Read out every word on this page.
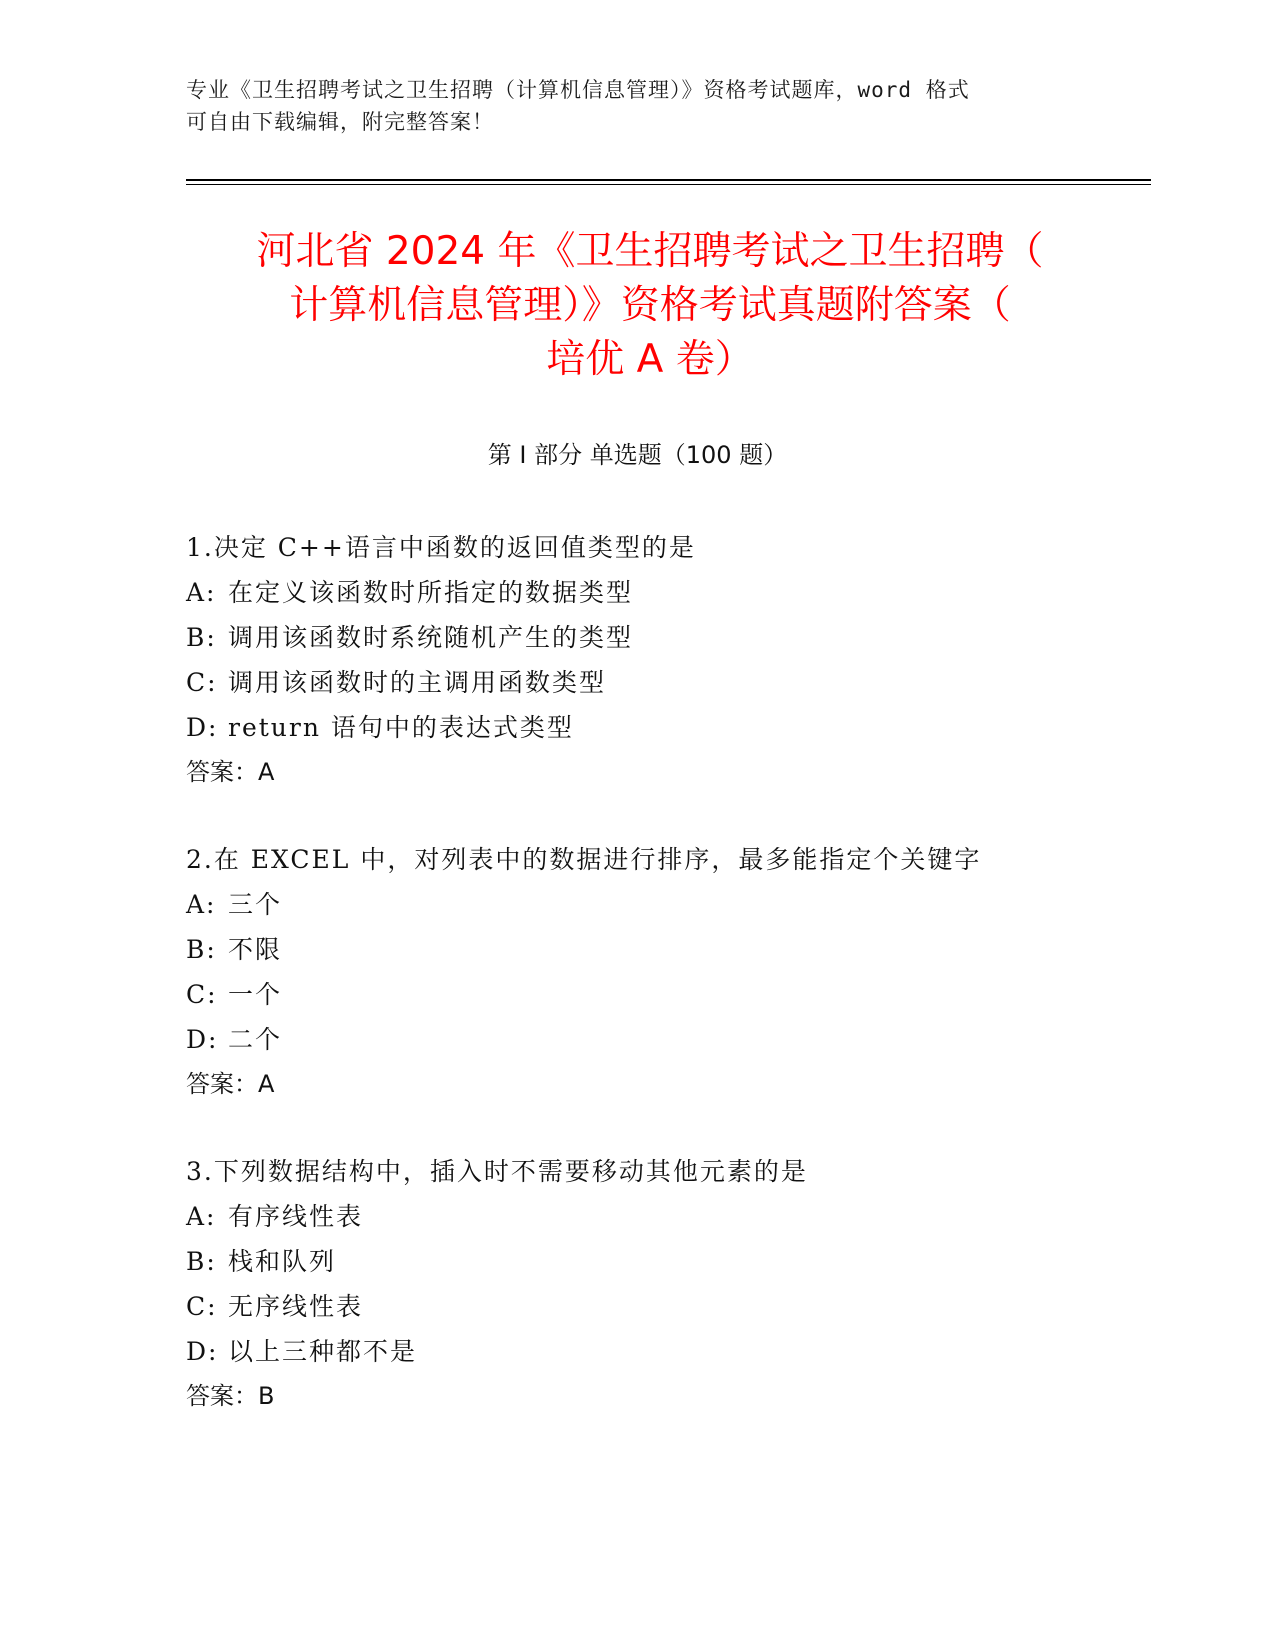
专业《卫生招聘考试之卫生招聘（计算机信息管理）》资格考试题库，word 格式
可自由下载编辑，附完整答案！
河北省 2024 年《卫生招聘考试之卫生招聘（
计算机信息管理）》资格考试真题附答案（
培优 A 卷）
第 I 部分 单选题（100 题）
1.决定 C++语言中函数的返回值类型的是
A: 在定义该函数时所指定的数据类型
B: 调用该函数时系统随机产生的类型
C: 调用该函数时的主调用函数类型
D: return 语句中的表达式类型
答案：A
2.在 EXCEL 中，对列表中的数据进行排序，最多能指定个关键字
A: 三个
B: 不限
C: 一个
D: 二个
答案：A
3.下列数据结构中，插入时不需要移动其他元素的是
A: 有序线性表
B: 栈和队列
C: 无序线性表
D: 以上三种都不是
答案：B
